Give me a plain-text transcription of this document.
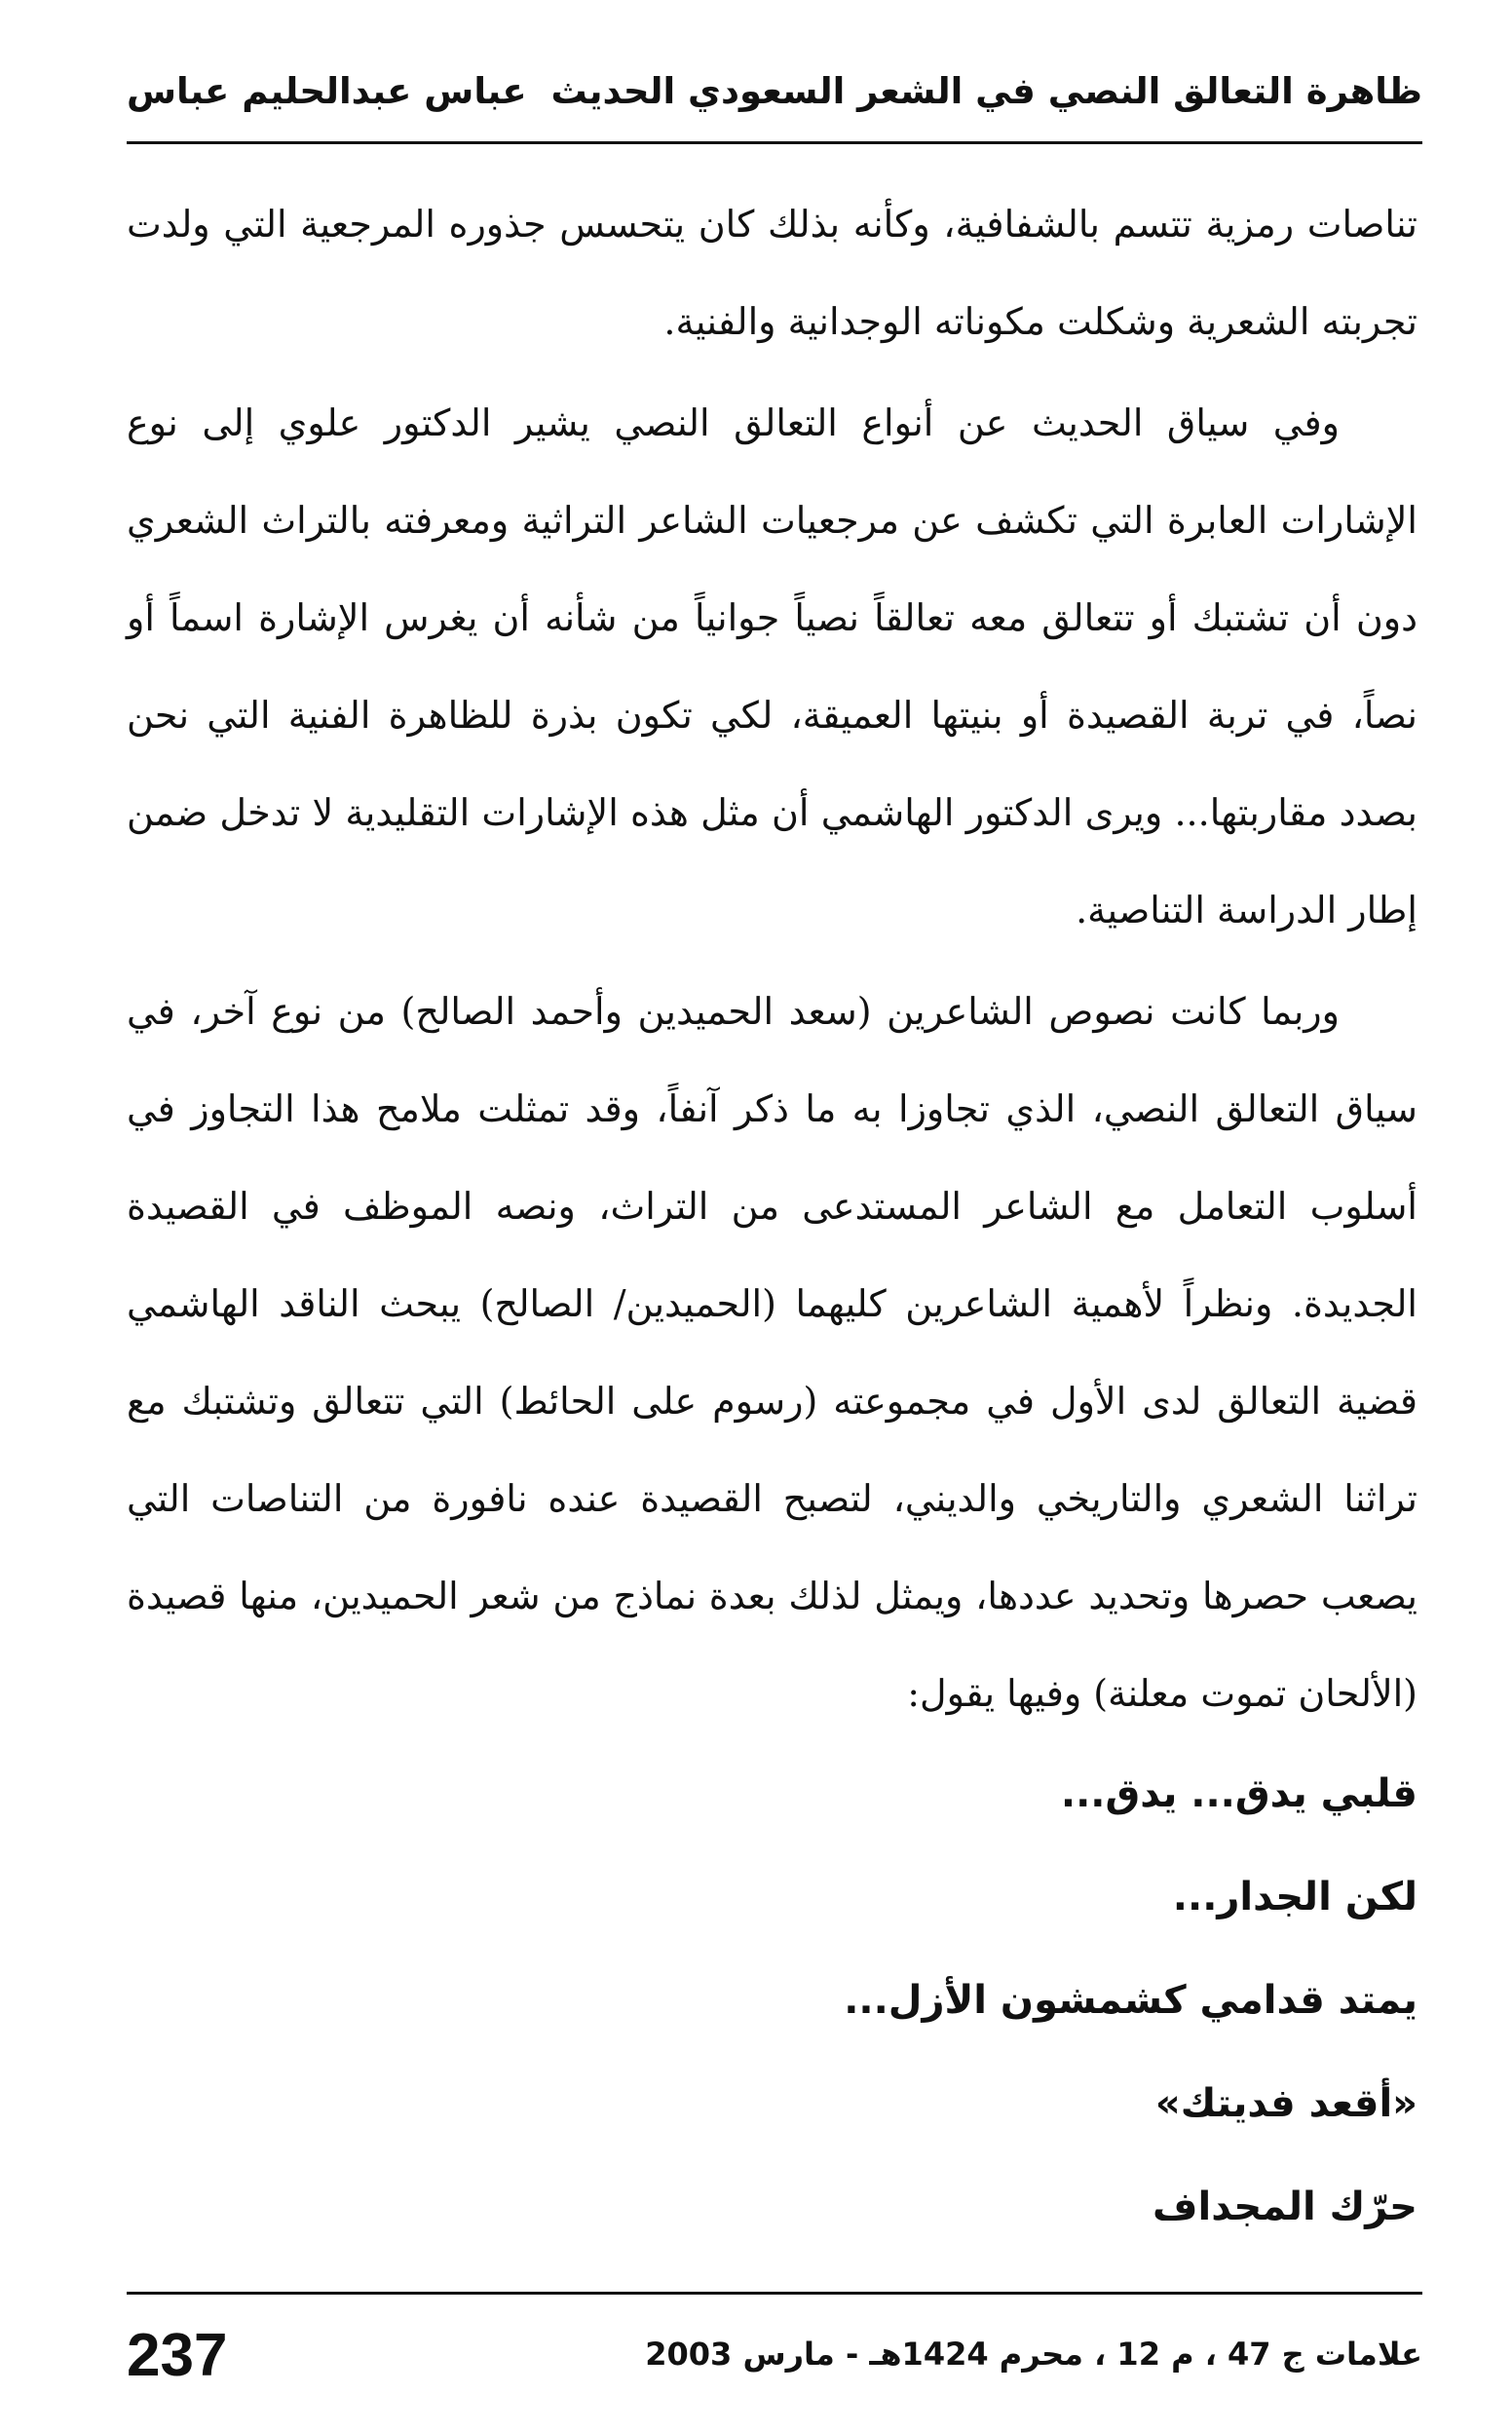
ظاهرة التعالق النصي في الشعر السعودي الحديث
عباس عبدالحليم عباس

تناصات رمزية تتسم بالشفافية، وكأنه بذلك كان يتحسس جذوره المرجعية التي ولدت تجربته الشعرية وشكلت مكوناته الوجدانية والفنية.

وفي سياق الحديث عن أنواع التعالق النصي يشير الدكتور علوي إلى نوع الإشارات العابرة التي تكشف عن مرجعيات الشاعر التراثية ومعرفته بالتراث الشعري دون أن تشتبك أو تتعالق معه تعالقاً نصياً جوانياً من شأنه أن يغرس الإشارة اسماً أو نصاً، في تربة القصيدة أو بنيتها العميقة، لكي تكون بذرة للظاهرة الفنية التي نحن بصدد مقاربتها... ويرى الدكتور الهاشمي أن مثل هذه الإشارات التقليدية لا تدخل ضمن إطار الدراسة التناصية.

وربما كانت نصوص الشاعرين (سعد الحميدين وأحمد الصالح) من نوع آخر، في سياق التعالق النصي، الذي تجاوزا به ما ذكر آنفاً، وقد تمثلت ملامح هذا التجاوز في أسلوب التعامل مع الشاعر المستدعى من التراث، ونصه الموظف في القصيدة الجديدة. ونظراً لأهمية الشاعرين كليهما (الحميدين/ الصالح) يبحث الناقد الهاشمي قضية التعالق لدى الأول في مجموعته (رسوم على الحائط) التي تتعالق وتشتبك مع تراثنا الشعري والتاريخي والديني، لتصبح القصيدة عنده نافورة من التناصات التي يصعب حصرها وتحديد عددها، ويمثل لذلك بعدة نماذج من شعر الحميدين، منها قصيدة (الألحان تموت معلنة) وفيها يقول:

قلبي يدق... يدق...

لكن الجدار...

يمتد قدامي كشمشون الأزل...

«أقعد فديتك»

حرّك المجداف

237	علامات ج 47 ، م 12 ، محرم 1424هـ - مارس 2003
